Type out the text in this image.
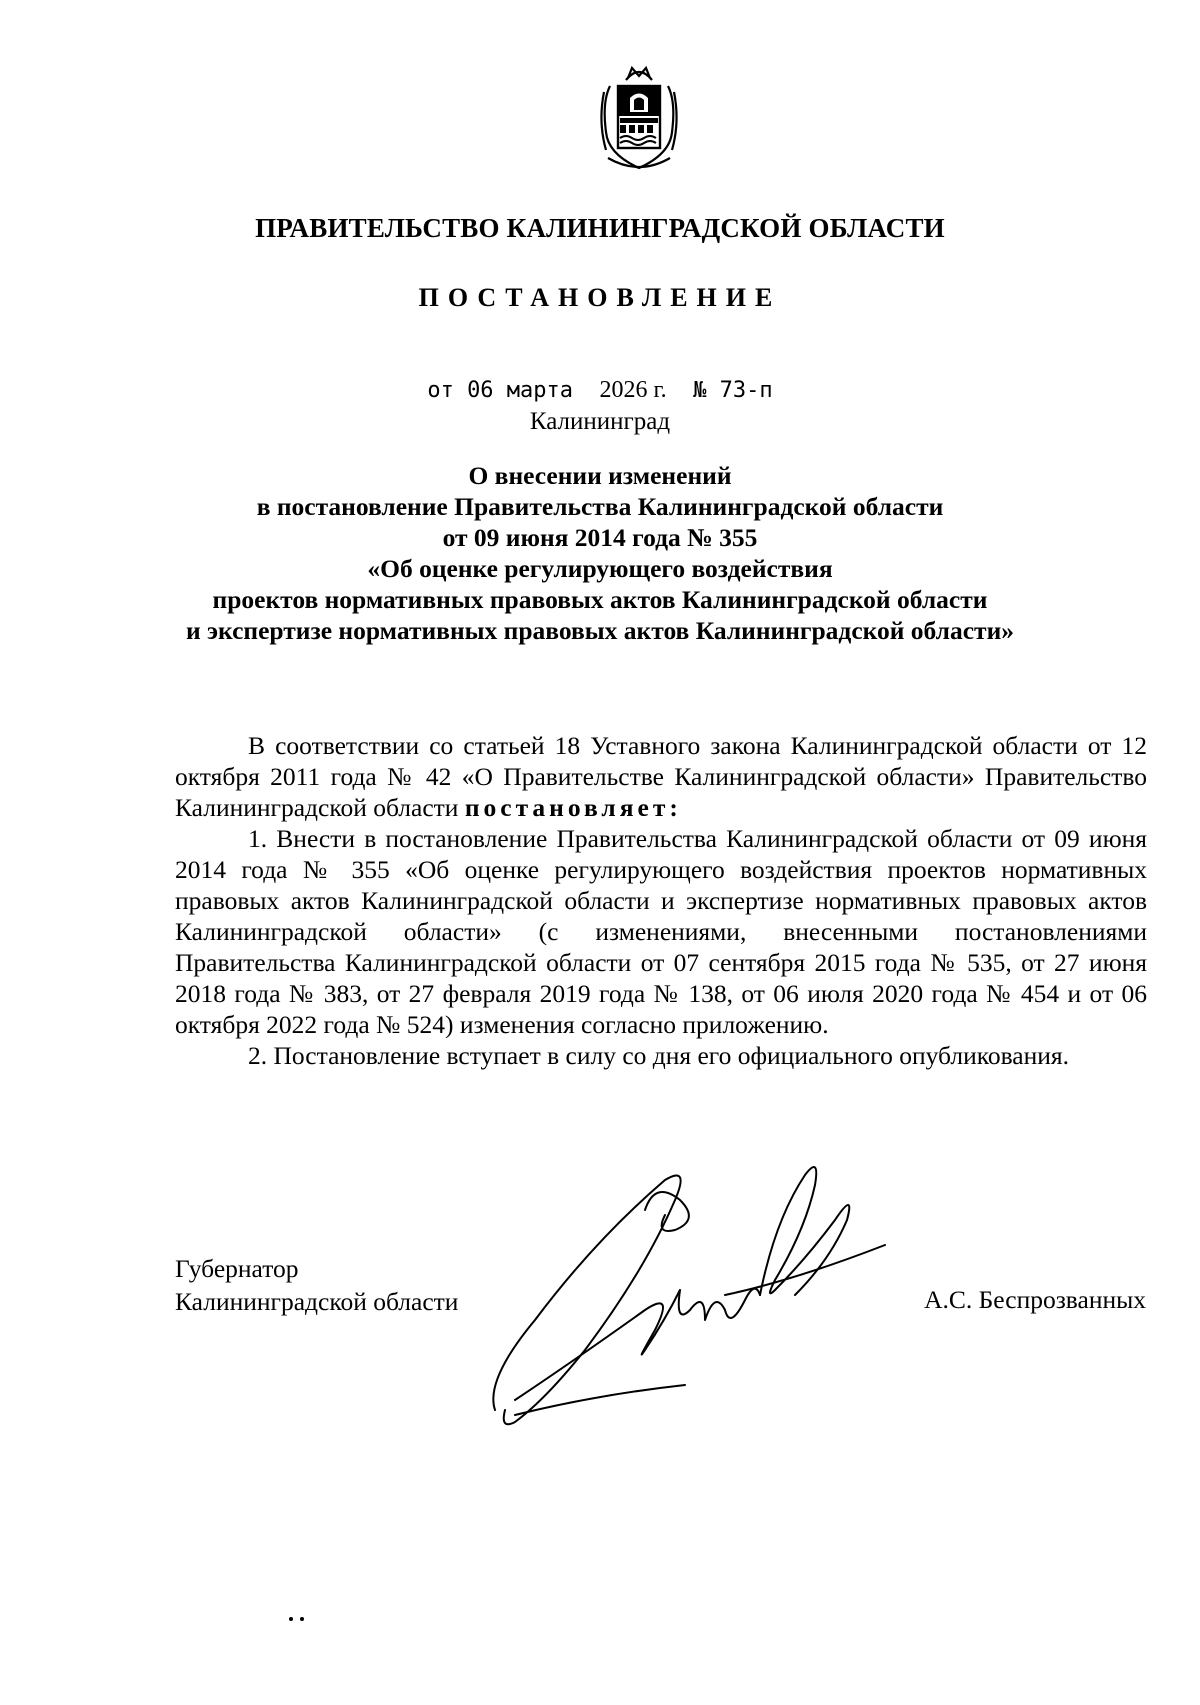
ПРАВИТЕЛЬСТВО КАЛИНИНГРАДСКОЙ ОБЛАСТИ
ПОСТАНОВЛЕНИЕ
от 06 марта 2026 г. № 73-п
Калининград
О внесении изменений
в постановление Правительства Калининградской области
от 09 июня 2014 года № 355
«Об оценке регулирующего воздействия
проектов нормативных правовых актов Калининградской области
и экспертизе нормативных правовых актов Калининградской области»

В соответствии со статьей 18 Уставного закона Калининградской области от 12 октября 2011 года № 42 «О Правительстве Калининградской области» Правительство Калининградской области постановляет:

1. Внести в постановление Правительства Калининградской области от 09 июня 2014 года № 355 «Об оценке регулирующего воздействия проектов нормативных правовых актов Калининградской области и экспертизе нормативных правовых актов Калининградской области» (с изменениями, внесенными постановлениями Правительства Калининградской области от 07 сентября 2015 года № 535, от 27 июня 2018 года № 383, от 27 февраля 2019 года № 138, от 06 июля 2020 года № 454 и от 06 октября 2022 года № 524) изменения согласно приложению.

2. Постановление вступает в силу со дня его официального опубликования.

Губернатор
Калининградской области	А.С. Беспрозванных
